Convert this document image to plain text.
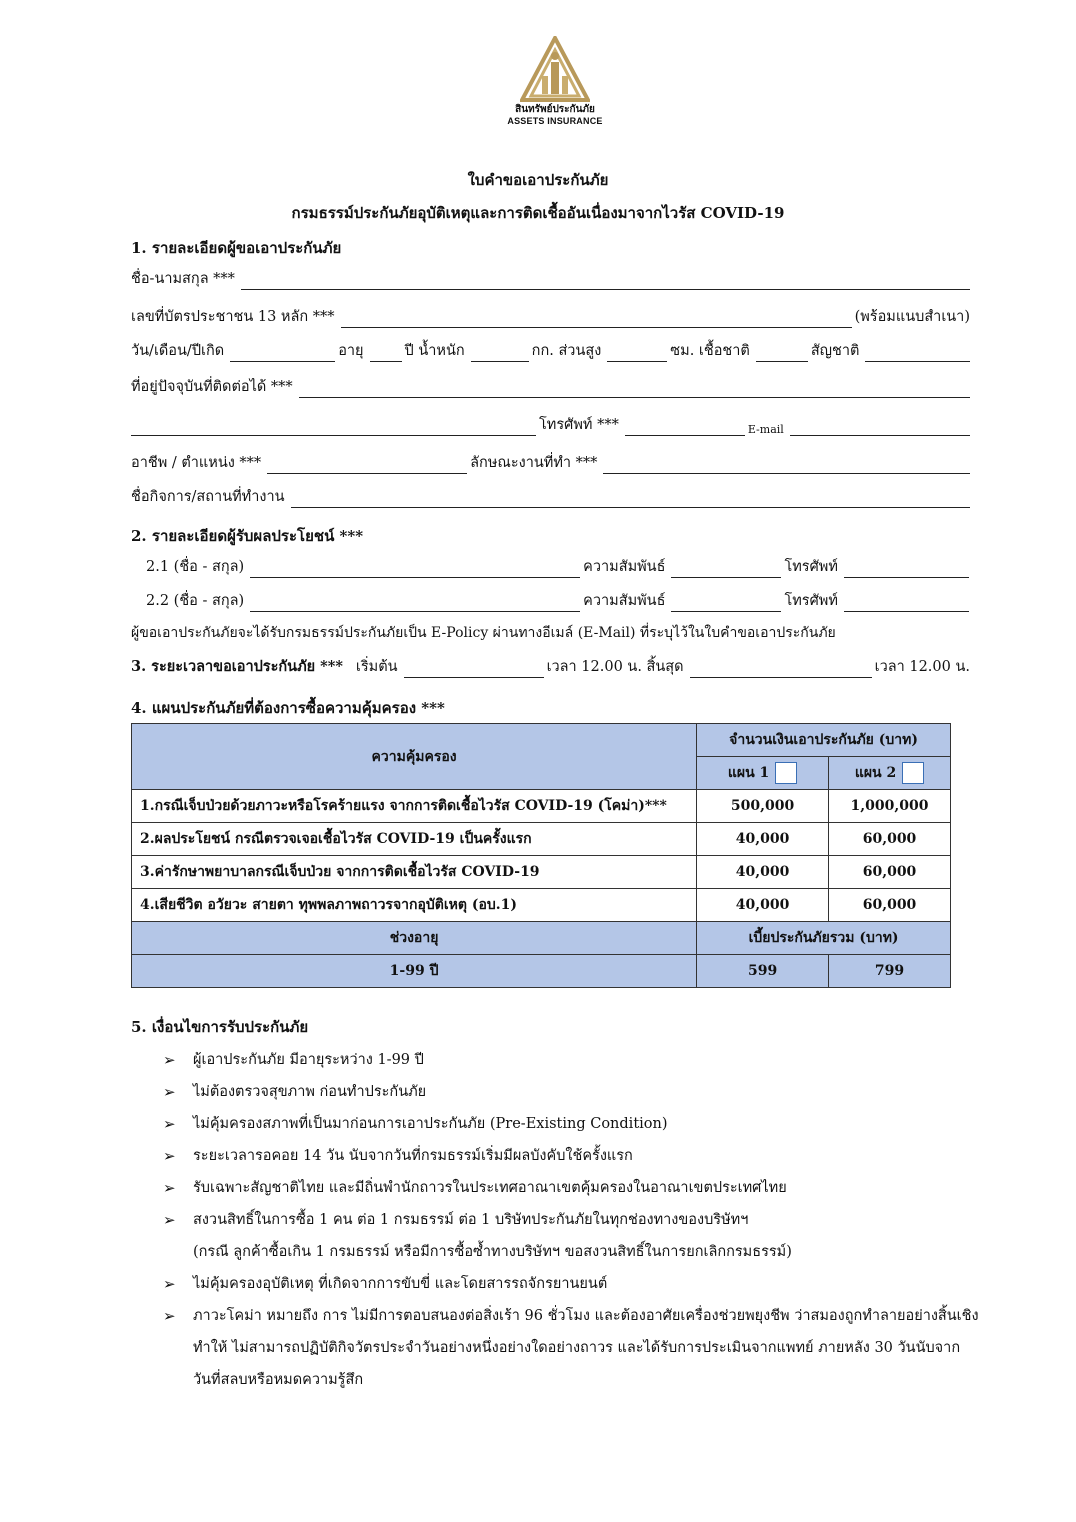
สินทรัพย์ประกันภัย
ASSETS INSURANCE
ใบคำขอเอาประกันภัย
กรมธรรม์ประกันภัยอุบัติเหตุและการติดเชื้ออันเนื่องมาจากไวรัส COVID-19
1. รายละเอียดผู้ขอเอาประกันภัย
ชื่อ-นามสกุล ***
เลขที่บัตรประชาชน 13 หลัก ***	(พร้อมแนบสำเนา)
วัน/เดือน/ปีเกิด	อายุ	ปี น้ำหนัก	กก. ส่วนสูง	ซม. เชื้อชาติ	สัญชาติ
ที่อยู่ปัจจุบันที่ติดต่อได้ ***
โทรศัพท์ ***	E-mail
อาชีพ / ตำแหน่ง ***	ลักษณะงานที่ทำ ***
ชื่อกิจการ/สถานที่ทำงาน
2. รายละเอียดผู้รับผลประโยชน์ ***
2.1 (ชื่อ - สกุล)	ความสัมพันธ์	โทรศัพท์
2.2 (ชื่อ - สกุล)	ความสัมพันธ์	โทรศัพท์
ผู้ขอเอาประกันภัยจะได้รับกรมธรรม์ประกันภัยเป็น E-Policy ผ่านทางอีเมล์ (E-Mail) ที่ระบุไว้ในใบคำขอเอาประกันภัย
3. ระยะเวลาขอเอาประกันภัย *** เริ่มต้น	เวลา 12.00 น. สิ้นสุด	เวลา 12.00 น.
4. แผนประกันภัยที่ต้องการซื้อความคุ้มครอง ***
ความคุ้มครอง	จำนวนเงินเอาประกันภัย (บาท)	
	แผน 1	แผน 2
1.กรณีเจ็บป่วยด้วยภาวะหรือโรคร้ายแรง จากการติดเชื้อไวรัส COVID-19 (โคม่า)***	500,000	1,000,000
2.ผลประโยชน์ กรณีตรวจเจอเชื้อไวรัส COVID-19 เป็นครั้งแรก	40,000	60,000
3.ค่ารักษาพยาบาลกรณีเจ็บป่วย จากการติดเชื้อไวรัส COVID-19	40,000	60,000
4.เสียชีวิต อวัยวะ สายตา ทุพพลภาพถาวรจากอุบัติเหตุ (อบ.1)	40,000	60,000
ช่วงอายุ	เบี้ยประกันภัยรวม (บาท)	
1-99 ปี	599	799
5. เงื่อนไขการรับประกันภัย
➢ ผู้เอาประกันภัย มีอายุระหว่าง 1-99 ปี
➢ ไม่ต้องตรวจสุขภาพ ก่อนทำประกันภัย
➢ ไม่คุ้มครองสภาพที่เป็นมาก่อนการเอาประกันภัย (Pre-Existing Condition)
➢ ระยะเวลารอคอย 14 วัน นับจากวันที่กรมธรรม์เริ่มมีผลบังคับใช้ครั้งแรก
➢ รับเฉพาะสัญชาติไทย และมีถิ่นพำนักถาวรในประเทศอาณาเขตคุ้มครองในอาณาเขตประเทศไทย
➢ สงวนสิทธิ์ในการซื้อ 1 คน ต่อ 1 กรมธรรม์ ต่อ 1 บริษัทประกันภัยในทุกช่องทางของบริษัทฯ
(กรณี ลูกค้าซื้อเกิน 1 กรมธรรม์ หรือมีการซื้อซ้ำทางบริษัทฯ ขอสงวนสิทธิ์ในการยกเลิกกรมธรรม์)
➢ ไม่คุ้มครองอุบัติเหตุ ที่เกิดจากการขับขี่ และโดยสารรถจักรยานยนต์
➢ ภาวะโคม่า หมายถึง การ ไม่มีการตอบสนองต่อสิ่งเร้า 96 ชั่วโมง และต้องอาศัยเครื่องช่วยพยุงชีพ ว่าสมองถูกทำลายอย่างสิ้นเชิง
ทำให้ ไม่สามารถปฏิบัติกิจวัตรประจำวันอย่างหนึ่งอย่างใดอย่างถาวร และได้รับการประเมินจากแพทย์ ภายหลัง 30 วันนับจาก
วันที่สลบหรือหมดความรู้สึก
